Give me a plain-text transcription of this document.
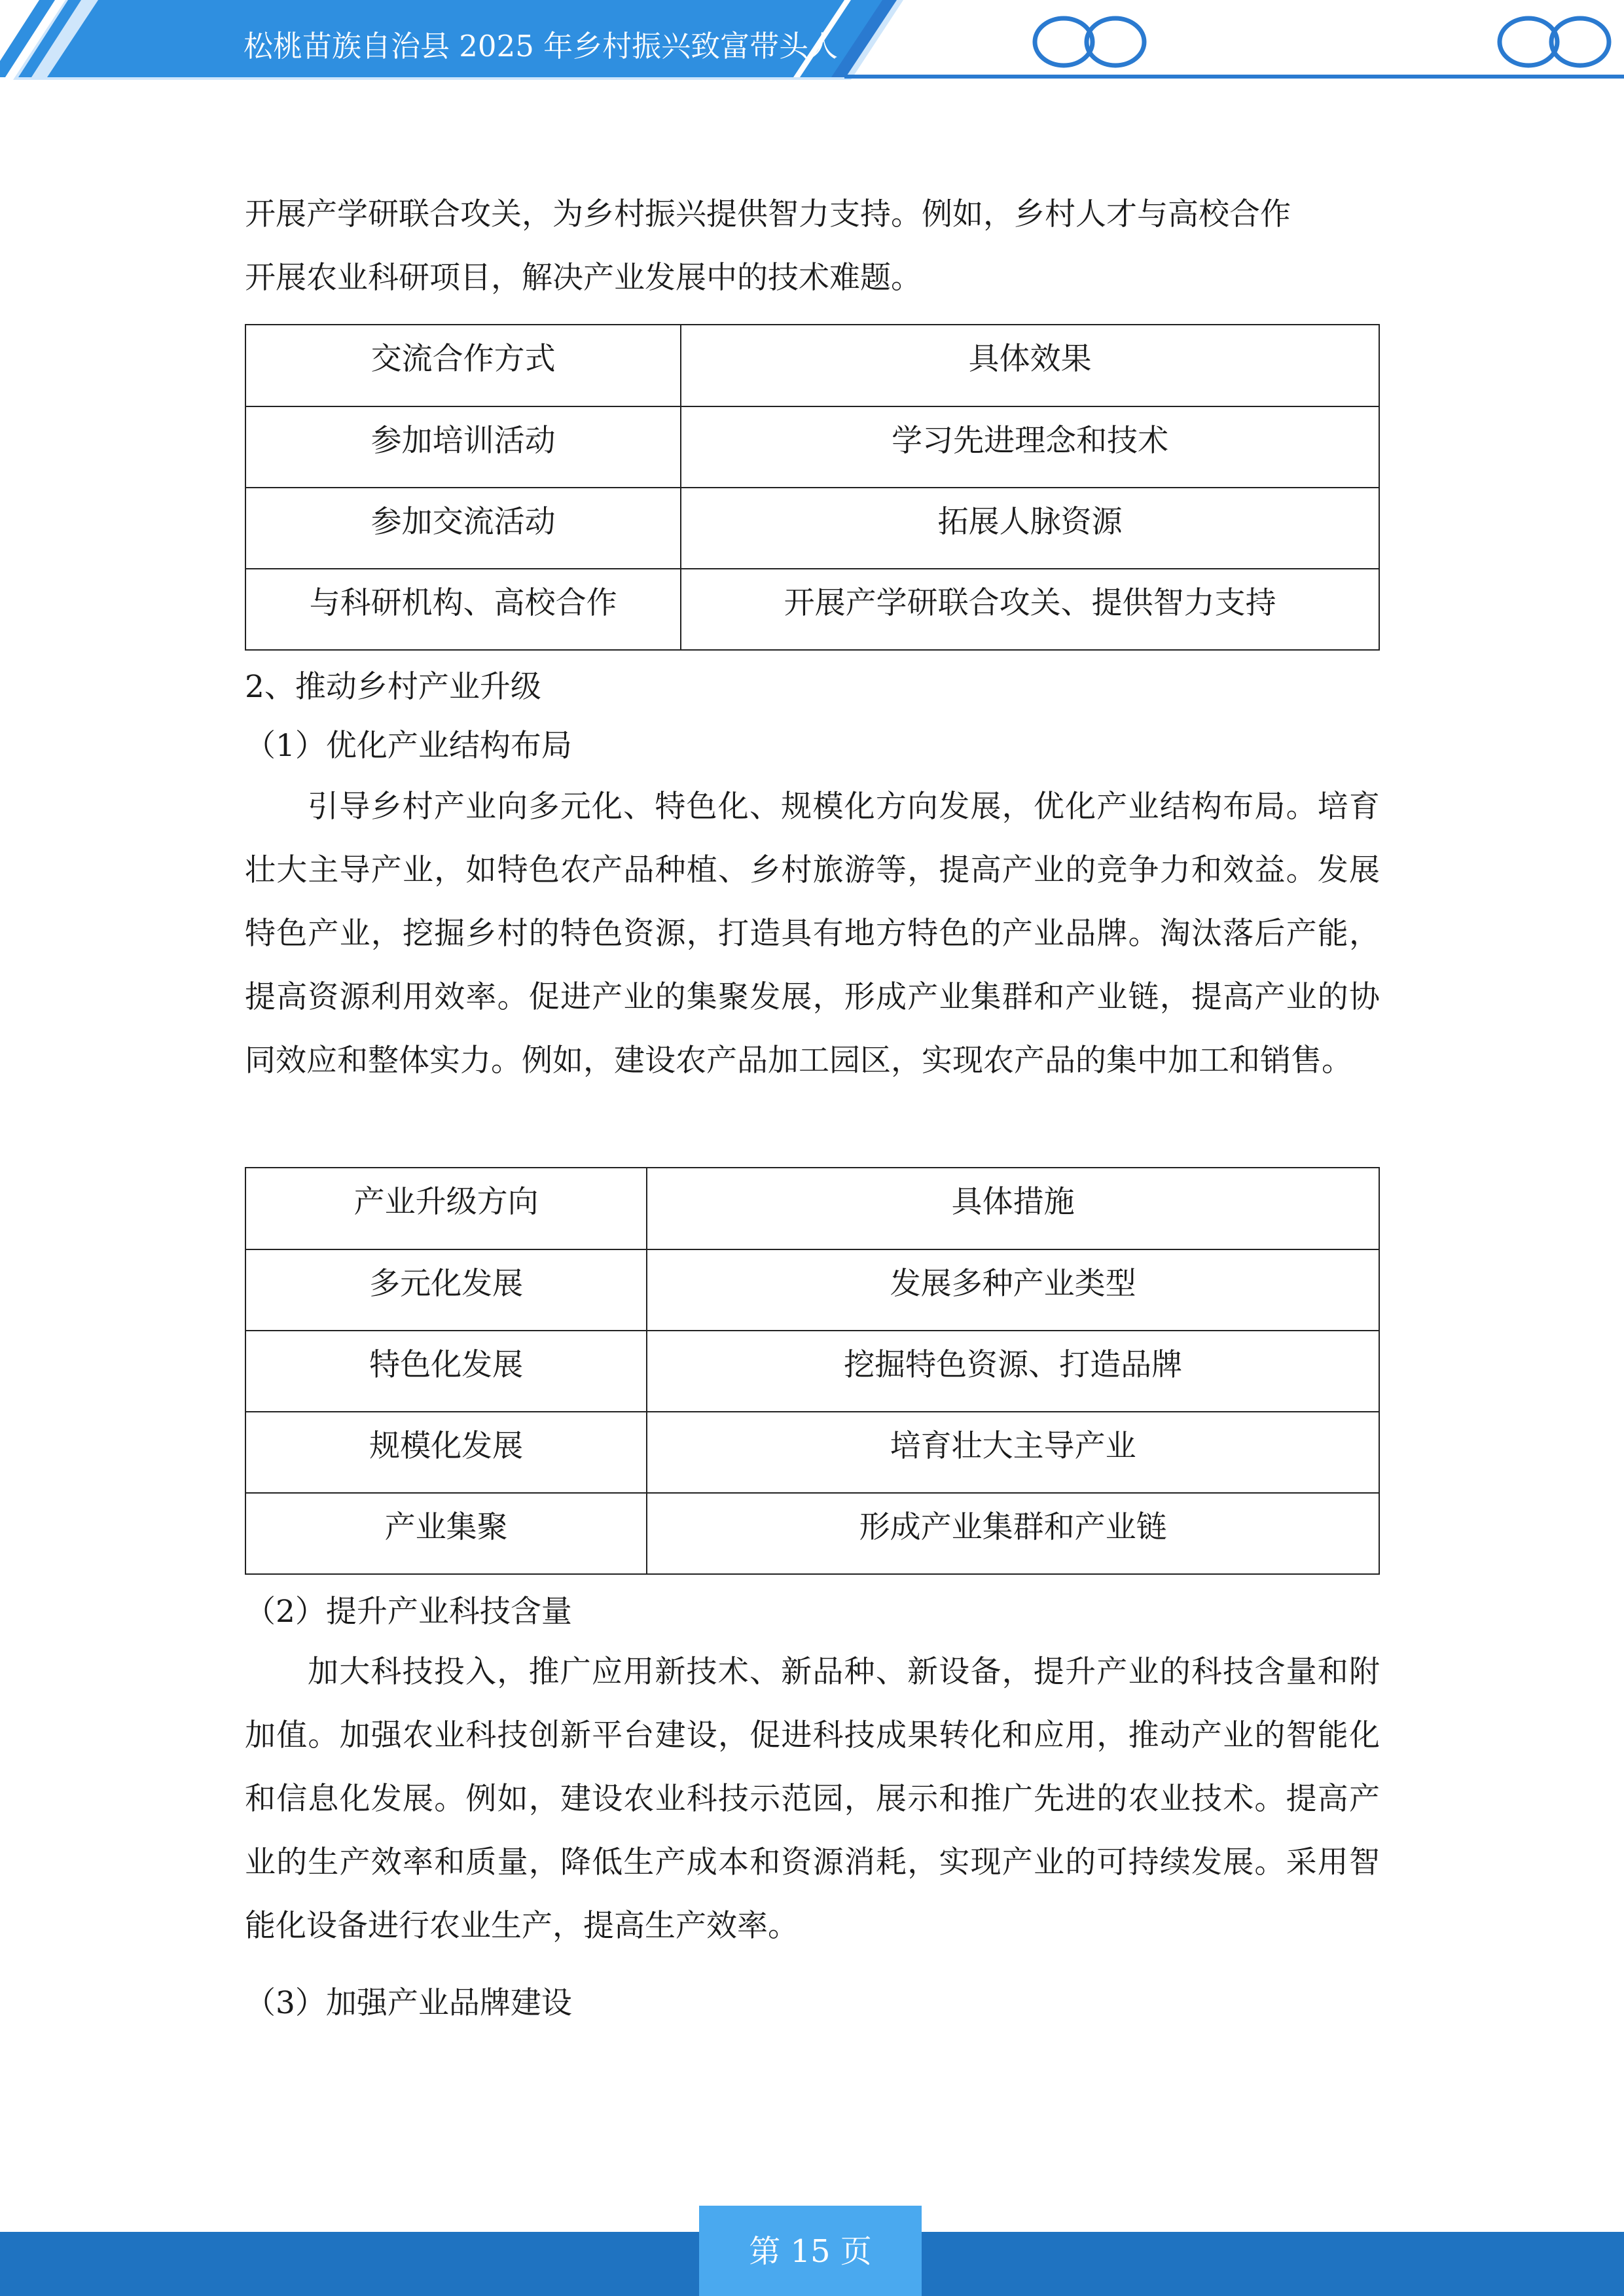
松桃苗族自治县 2025 年乡村振兴致富带头人
开展产学研联合攻关，为乡村振兴提供智力支持。例如，乡村人才与高校合作
开展农业科研项目，解决产业发展中的技术难题。
交流合作方式	具体效果
参加培训活动	学习先进理念和技术
参加交流活动	拓展人脉资源
与科研机构、高校合作	开展产学研联合攻关、提供智力支持
2、推动乡村产业升级
（1）优化产业结构布局

引导乡村产业向多元化、特色化、规模化方向发展，优化产业结构布局。培育壮大主导产业，如特色农产品种植、乡村旅游等，提高产业的竞争力和效益。发展特色产业，挖掘乡村的特色资源，打造具有地方特色的产业品牌。淘汰落后产能，提高资源利用效率。促进产业的集聚发展，形成产业集群和产业链，提高产业的协同效应和整体实力。例如，建设农产品加工园区，实现农产品的集中加工和销售。

产业升级方向	具体措施
多元化发展	发展多种产业类型
特色化发展	挖掘特色资源、打造品牌
规模化发展	培育壮大主导产业
产业集聚	形成产业集群和产业链
（2）提升产业科技含量

加大科技投入，推广应用新技术、新品种、新设备，提升产业的科技含量和附加值。加强农业科技创新平台建设，促进科技成果转化和应用，推动产业的智能化和信息化发展。例如，建设农业科技示范园，展示和推广先进的农业技术。提高产业的生产效率和质量，降低生产成本和资源消耗，实现产业的可持续发展。采用智能化设备进行农业生产，提高生产效率。

（3）加强产业品牌建设
第 15 页
